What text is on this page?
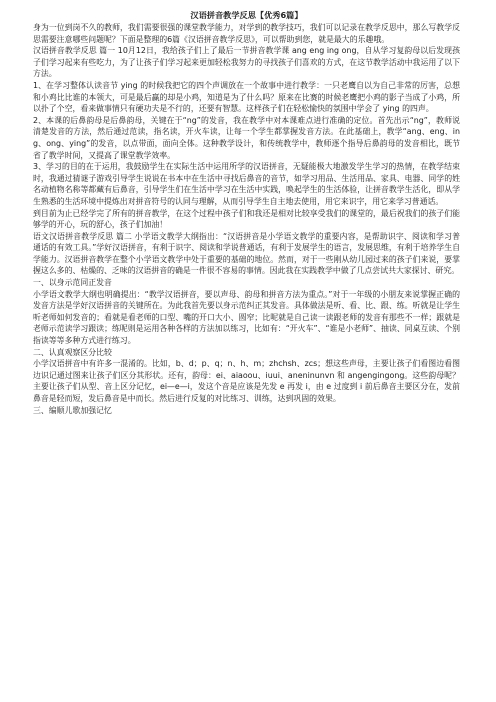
汉语拼音教学反思【优秀6篇】

身为一位到岗不久的教师，我们需要很强的课堂教学能力，对学到的教学技巧，我们可以记录在教学反思中，那么写教学反思需要注意哪些问题呢？下面是整理的6篇《汉语拼音教学反思》，可以帮助到您，就是最大的乐趣哦。

汉语拼音教学反思 篇一 10月12日，我给孩子们上了最后一节拼音教学课 ang eng ing ong，自从学习复韵母以后发现孩子们学习起来有些吃力，为了让孩子们学习起来更加轻松我努力的寻找孩子们喜欢的方式，在这节教学活动中我运用了以下方法。

1、在学习整体认读音节 ying 的时候我把它的四个声调放在一个故事中进行教学：一只老鹰自以为自己非常的厉害，总想和小鸡比比谁的本领大，可是最后赢的却是小鸡，知道是为了什么吗？原来在比赛的时候老鹰把小鸡的影子当成了小鸡，所以扑了个空，看来做事情只有硬功夫是不行的，还要有智慧。这样孩子们在轻松愉快的氛围中学会了 ying 的四声。

2、本课的后鼻韵母是后鼻韵母，关键在于“ng”的发音，我在教学中对本课难点进行准确的定位。首先出示“ng”，教师说清楚发音的方法，然后通过范读，指名读，开火车读，让每一个学生都掌握发音方法。在此基础上，教学“ang、eng、ing、ong、ying”的发音，以点带面，面向全体。这种教学设计，和传统教学中，教师逐个指导后鼻韵母的发音相比，既节省了教学时间，又提高了课堂教学效率。

3、学习的目的在于运用，我鼓励学生在实际生活中运用所学的汉语拼音，无疑能极大地激发学生学习的热情，在教学结束时，我通过猜谜子游戏引导学生说说在书本中在生活中寻找后鼻音的音节，如学习用品、生活用品、家具、电器、同学的姓名动植物名称等都藏有后鼻音，引导学生们在生活中学习在生活中实践，唤起学生的生活体验，让拼音教学生活化，即从学生熟悉的生活环境中提炼出对拼音符号的认同与理解，从而引导学生自主地去使用，用它来识字，用它来学习普通话。

到目前为止已经学完了所有的拼音教学，在这个过程中孩子们和我还是相对比较享受我们的课堂的，最后祝我们的孩子们能够学的开心，玩的舒心，孩子们加油！

语文汉语拼音教学反思 篇二 小学语文教学大纲指出：“汉语拼音是小学语文教学的重要内容，是帮助识字、阅读和学习普通话的有效工具。”学好汉语拼音，有利于识字、阅读和学说普通话，有利于发展学生的语言，发展思维，有利于培养学生自学能力。汉语拼音教学在整个小学语文教学中处于重要的基础的地位。然而，对于一些刚从幼儿园过来的孩子们来说，要掌握这么多的、枯燥的、乏味的汉语拼音的确是一件很不容易的事情。因此我在实践教学中做了几点尝试共大家探讨、研究。

一、以身示范同正发音

小学语文教学大纲也明确提出：“教学汉语拼音，要以声母、韵母和拼音方法为重点。”对于一年级的小朋友来说掌握正确的发音方法是学好汉语拼音的关键所在。为此我首先要以身示范纠正其发音。具体做法是听、看、比、跟、练。听就是让学生听老师如何发音的；看就是看老师的口型、嘴的开口大小、圆窄；比呢就是自己读一读跟老师的发音有那些不一样；跟就是老师示范读学习跟读；练呢则是运用各种各样的方法加以练习，比如有：“开火车”、“谁是小老师”、抽读、同桌互读、个别指读等等多种方式进行练习。

二、认真观察区分比较

小学汉语拼音中有许多一混淆的。比如，b、d；p、q；n、h、m；zhchsh、zcs；想这些声母，主要让孩子们看图边看图边识记通过图来让孩子们区分其形状。还有，韵母：ei、aiaoou、iuui、aneninunvn 和 angengingong。这些韵母呢？主要让孩子们从型、音上区分记忆，ei—e—i，发这个音是应该是先发 e 再发 i，由 e 过度到 i 前后鼻音主要区分在，发前鼻音是轻而短，发后鼻音是中而长。然后进行反复的对比练习、训练，达到巩固的效果。

三、编顺儿歌加强记忆
